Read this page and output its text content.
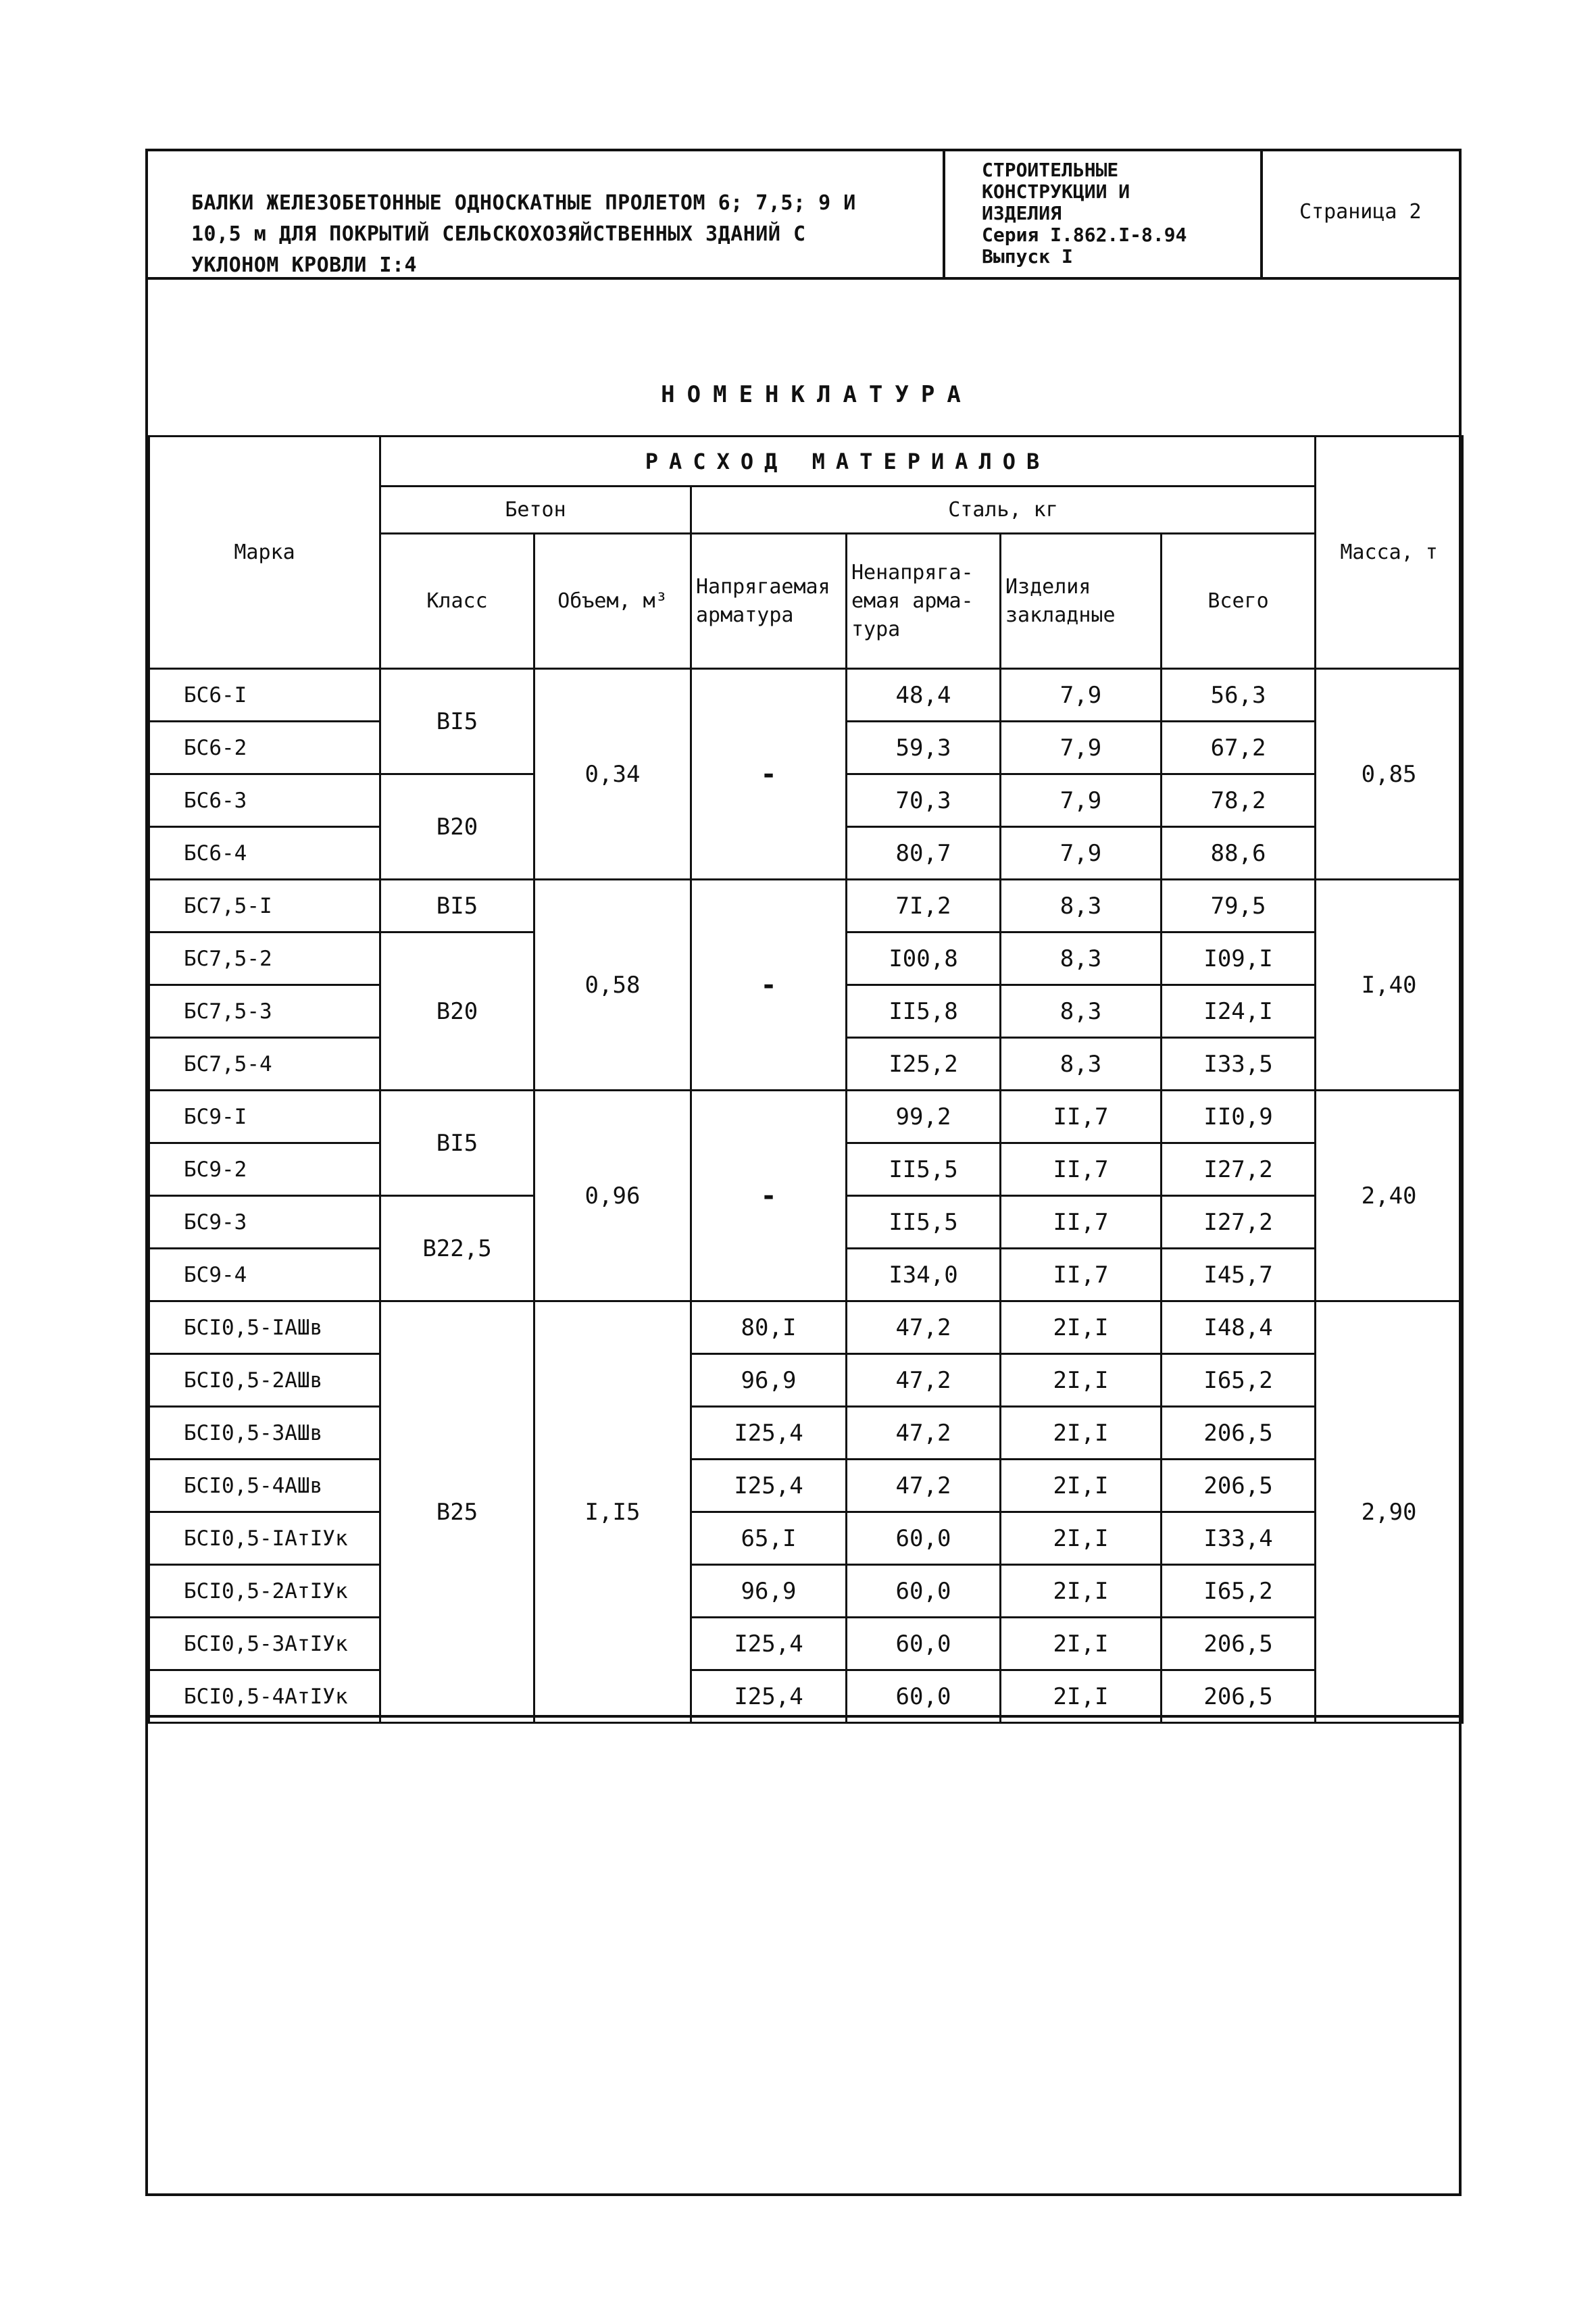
БАЛКИ ЖЕЛЕЗОБЕТОННЫЕ ОДНОСКАТНЫЕ ПРОЛЕТОМ 6; 7,5; 9 И
10,5 м ДЛЯ ПОКРЫТИЙ СЕЛЬСКОХОЗЯЙСТВЕННЫХ ЗДАНИЙ С
УКЛОНОМ КРОВЛИ I:4
СТРОИТЕЛЬНЫЕ
КОНСТРУКЦИИ И
ИЗДЕЛИЯ
Серия I.862.I-8.94
Выпуск I
Страница 2
НОМЕНКЛАТУРА
Марка	РАСХОД МАТЕРИАЛОВ						Масса, т
	Бетон		Сталь, кг				
	Класс	Объем, м³	Напрягаемая арматура	Ненапряга-емая арма-тура	Изделия закладные	Всего	
БС6-I	BI5	0,34	-	48,4	7,9	56,3	0,85
БС6-2				59,3	7,9	67,2	
БС6-3	B20			70,3	7,9	78,2	
БС6-4				80,7	7,9	88,6	
БС7,5-I	BI5	0,58	-	7I,2	8,3	79,5	I,40
БС7,5-2	B20			I00,8	8,3	I09,I	
БС7,5-3				II5,8	8,3	I24,I	
БС7,5-4				I25,2	8,3	I33,5	
БС9-I	BI5	0,96	-	99,2	II,7	II0,9	2,40
БС9-2				II5,5	II,7	I27,2	
БС9-3	B22,5			II5,5	II,7	I27,2	
БС9-4				I34,0	II,7	I45,7	
БСI0,5-IАШв	B25	I,I5	80,I	47,2	2I,I	I48,4	2,90
БСI0,5-2АШв			96,9	47,2	2I,I	I65,2	
БСI0,5-3АШв			I25,4	47,2	2I,I	206,5	
БСI0,5-4АШв			I25,4	47,2	2I,I	206,5	
БСI0,5-IАтIУк			65,I	60,0	2I,I	I33,4	
БСI0,5-2АтIУк			96,9	60,0	2I,I	I65,2	
БСI0,5-3АтIУк			I25,4	60,0	2I,I	206,5	
БСI0,5-4АтIУк			I25,4	60,0	2I,I	206,5	
